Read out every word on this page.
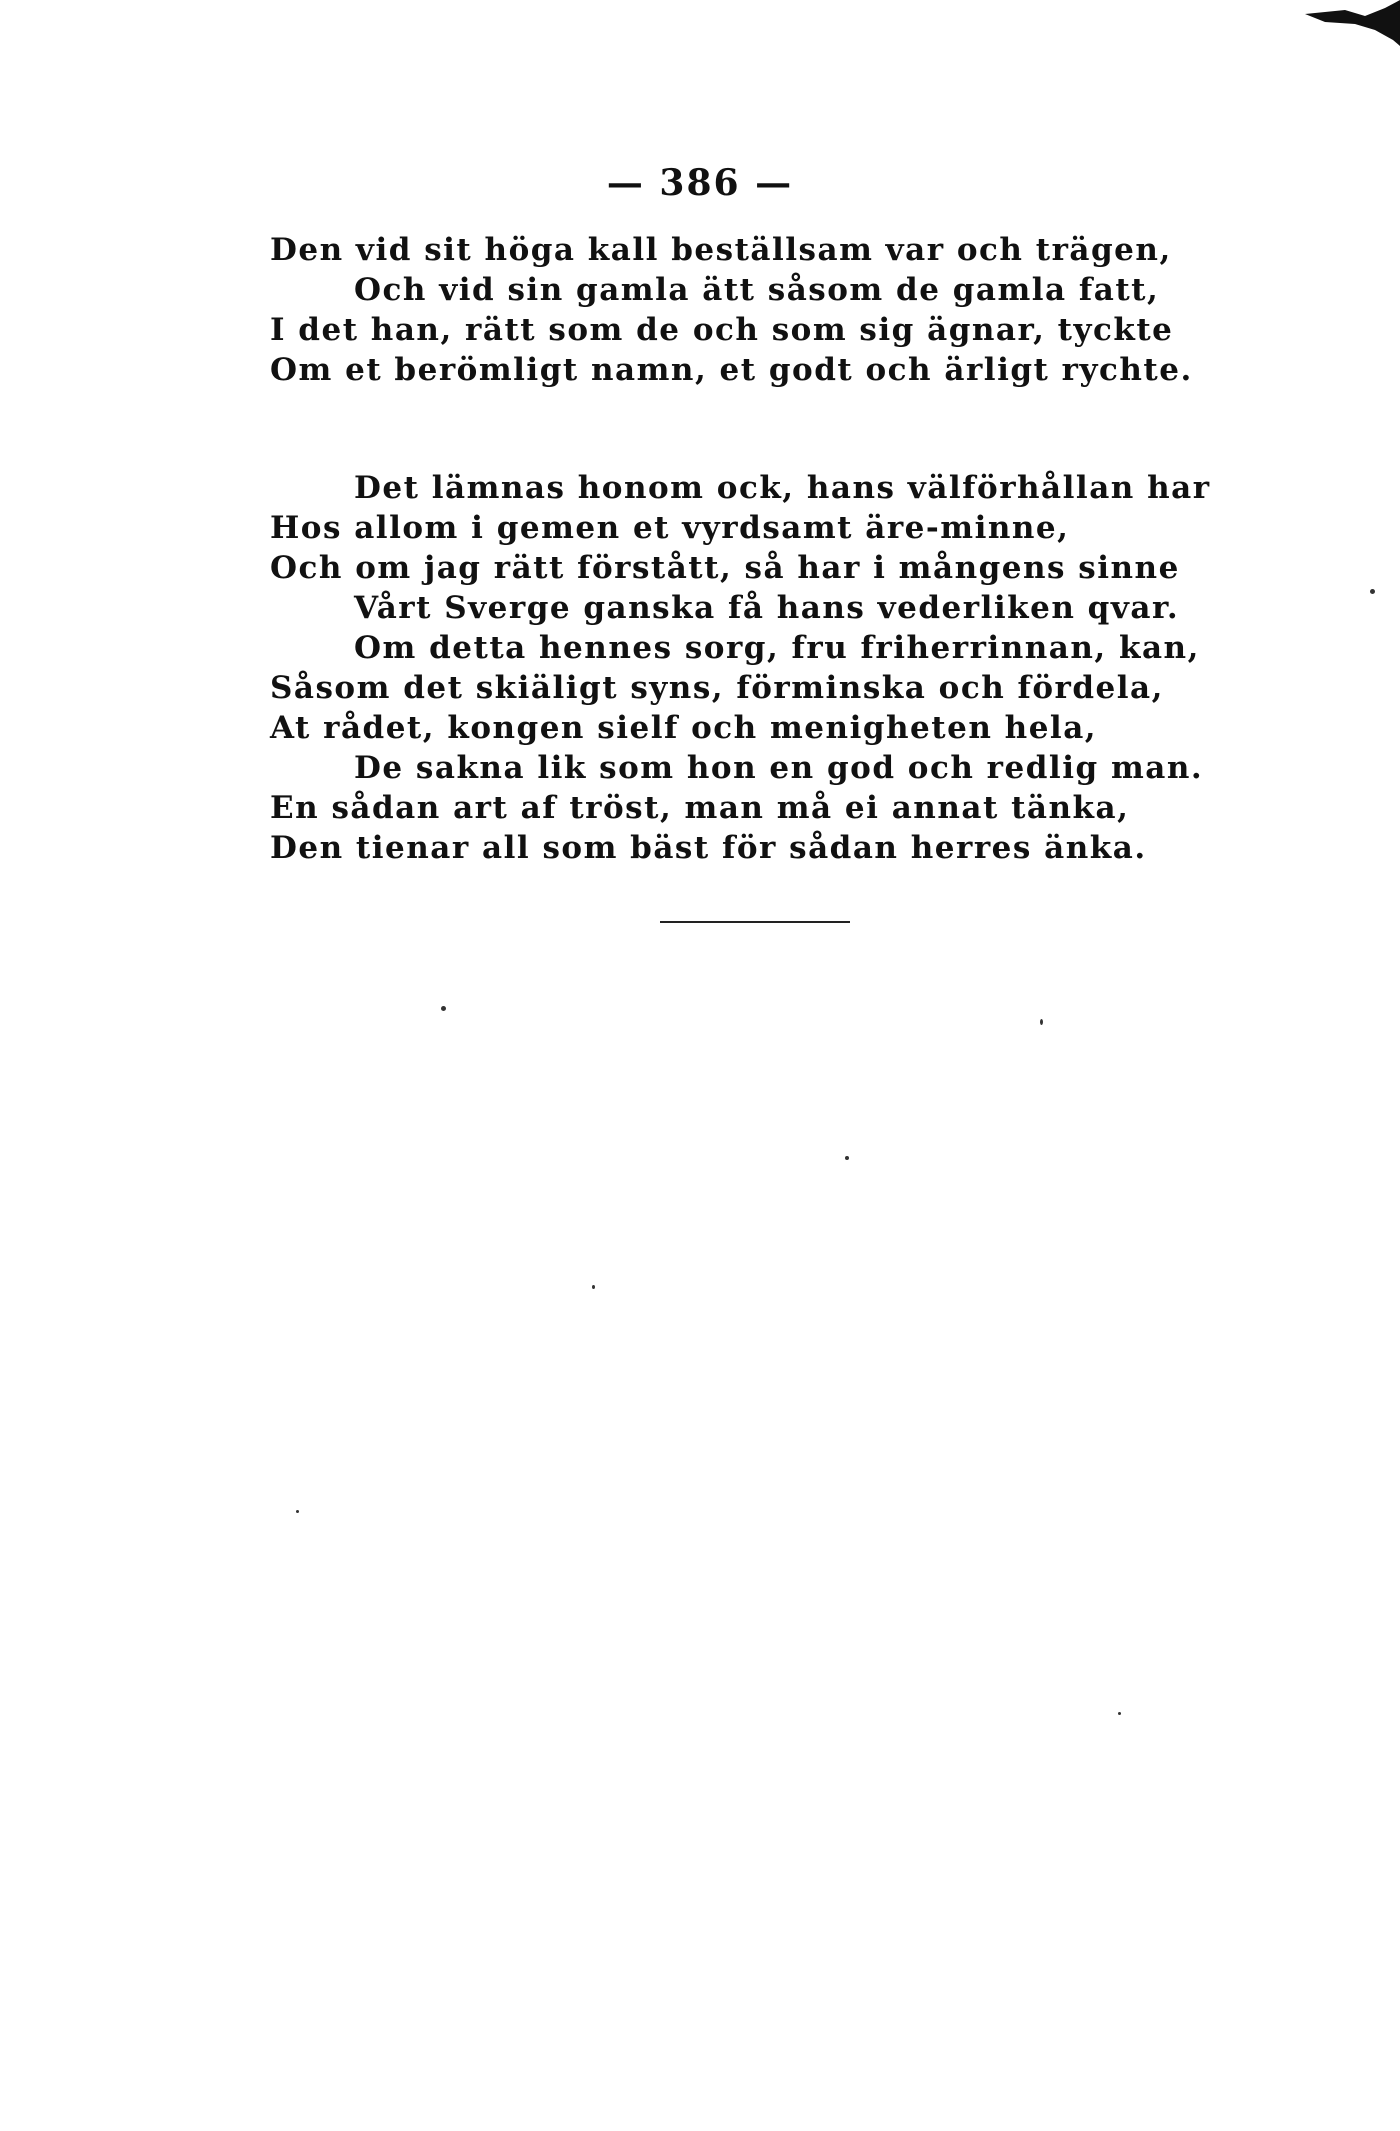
— 386 —
Den vid sit höga kall beställsam var och trägen,
Och vid sin gamla ätt såsom de gamla fatt,
I det han, rätt som de och som sig ägnar, tyckte
Om et berömligt namn, et godt och ärligt rychte.
Det lämnas honom ock, hans välförhållan har
Hos allom i gemen et vyrdsamt äre-minne,
Och om jag rätt förstått, så har i mångens sinne
Vårt Sverge ganska få hans vederliken qvar.
Om detta hennes sorg, fru friherrinnan, kan,
Såsom det skiäligt syns, förminska och fördela,
At rådet, kongen sielf och menigheten hela,
De sakna lik som hon en god och redlig man.
En sådan art af tröst, man må ei annat tänka,
Den tienar all som bäst för sådan herres änka.
